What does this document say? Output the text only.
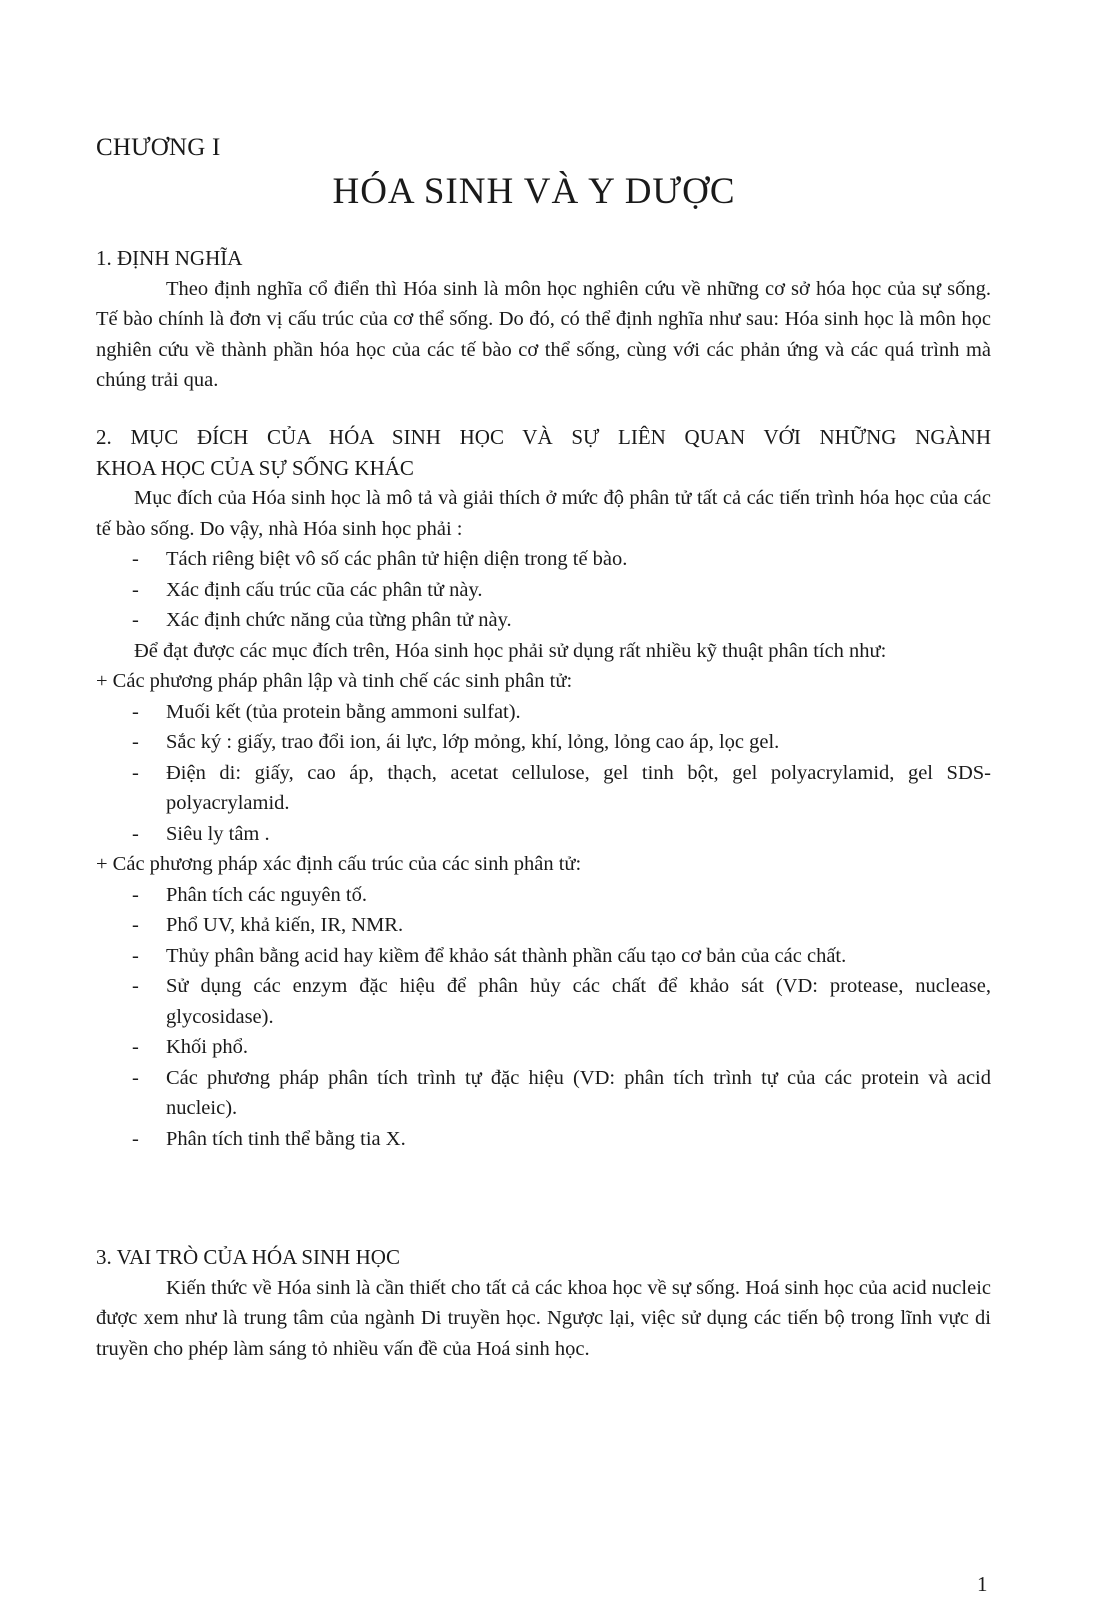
CHƯƠNG I
HÓA SINH VÀ Y DƯỢC
1. ĐỊNH NGHĨA
Theo định nghĩa cổ điển thì Hóa sinh là môn học nghiên cứu về những cơ sở hóa học của sự sống. Tế bào chính là đơn vị cấu trúc của cơ thể sống. Do đó, có thể định nghĩa như sau: Hóa sinh học là môn học nghiên cứu về thành phần hóa học của các tế bào cơ thể sống, cùng với các phản ứng và các quá trình mà chúng trải qua.
2. MỤC ĐÍCH CỦA HÓA SINH HỌC VÀ SỰ LIÊN QUAN VỚI NHỮNG NGÀNH
KHOA HỌC CỦA SỰ SỐNG KHÁC
Mục đích của Hóa sinh học là mô tả và giải thích ở mức độ phân tử tất cả các tiến trình hóa học của các tế bào sống. Do vậy, nhà Hóa sinh học phải :
-	Tách riêng biệt vô số các phân tử hiện diện trong tế bào.
-	Xác định cấu trúc cũa các phân tử này.
-	Xác định chức năng của từng phân tử này.
Để đạt được các mục đích trên, Hóa sinh học phải sử dụng rất nhiều kỹ thuật phân tích như:
+ Các phương pháp phân lập và tinh chế các sinh phân tử:
-	Muối kết (tủa protein bằng ammoni sulfat).
-	Sắc ký : giấy, trao đổi ion, ái lực, lớp mỏng, khí, lỏng, lỏng cao áp, lọc gel.
-	Điện di: giấy, cao áp, thạch, acetat cellulose, gel tinh bột, gel polyacrylamid, gel SDS-polyacrylamid.
-	Siêu ly tâm .
+ Các phương pháp xác định cấu trúc của các sinh phân tử:
-	Phân tích các nguyên tố.
-	Phổ UV, khả kiến, IR, NMR.
-	Thủy phân bằng acid hay kiềm để khảo sát thành phần cấu tạo cơ bản của các chất.
-	Sử dụng các enzym đặc hiệu để phân hủy các chất để khảo sát (VD: protease, nuclease, glycosidase).
-	Khối phổ.
-	Các phương pháp phân tích trình tự đặc hiệu (VD: phân tích trình tự của các protein và acid nucleic).
-	Phân tích tinh thể bằng tia X.
3. VAI TRÒ CỦA HÓA SINH HỌC
Kiến thức về Hóa sinh là cần thiết cho tất cả các khoa học về sự sống. Hoá sinh học của acid nucleic được xem như là trung tâm của ngành Di truyền học. Ngược lại, việc sử dụng các tiến bộ trong lĩnh vực di truyền cho phép làm sáng tỏ nhiều vấn đề của Hoá sinh học.
1
